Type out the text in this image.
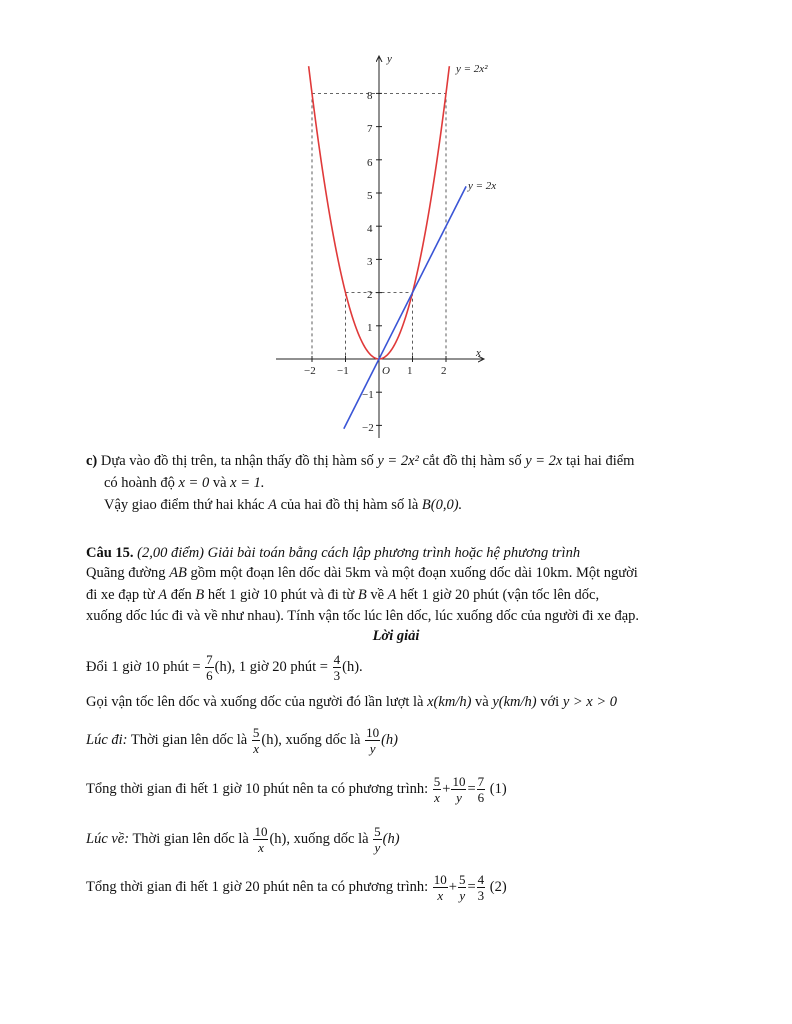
y
x
O
y = 2x²
y = 2x
−2 −1	1	2
1
2
3
4
5
6
7
8
−1
−2
c) Dựa vào đồ thị trên, ta nhận thấy đồ thị hàm số y = 2x² cắt đồ thị hàm số y = 2x tại hai điểm
có hoành độ x = 0 và x = 1.
Vậy giao điểm thứ hai khác A của hai đồ thị hàm số là B(0,0).
Câu 15. (2,00 điểm) Giải bài toán bằng cách lập phương trình hoặc hệ phương trình
Quãng đường AB gồm một đoạn lên dốc dài 5km và một đoạn xuống dốc dài 10km. Một người
đi xe đạp từ A đến B hết 1 giờ 10 phút và đi từ B về A hết 1 giờ 20 phút (vận tốc lên dốc,
xuống dốc lúc đi và về như nhau). Tính vận tốc lúc lên dốc, lúc xuống dốc của người đi xe đạp.
Lời giải
Đổi 1 giờ 10 phút = $\frac{7}{6} (h)$, 1 giờ 20 phút = $\frac{4}{3} (h)$.
Gọi vận tốc lên dốc và xuống dốc của người đó lần lượt là x(km/h) và y(km/h) với y > x > 0
Lúc đi: Thời gian lên dốc là $\frac{5}{x} (h)$, xuống dốc là $\frac{10}{y} (h)$
Tổng thời gian đi hết 1 giờ 10 phút nên ta có phương trình: $\frac{5}{x} + \frac{10}{y} = \frac{7}{6} (1)$
Lúc về: Thời gian lên dốc là $\frac{10}{x} (h)$, xuống dốc là $\frac{5}{y} (h)$
Tổng thời gian đi hết 1 giờ 20 phút nên ta có phương trình: $\frac{10}{x} + \frac{5}{y} = \frac{4}{3} (2)$
